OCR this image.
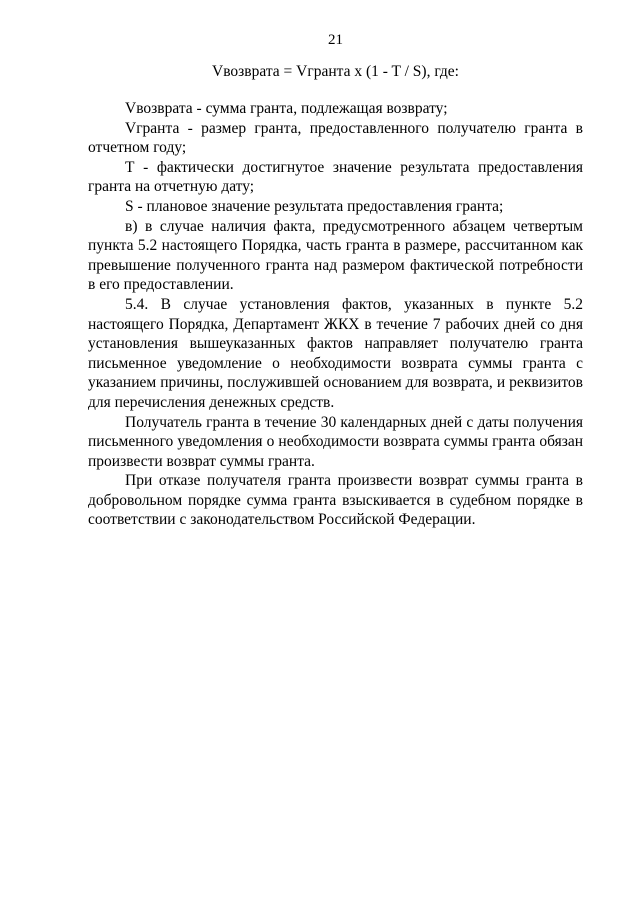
21
Vвозврата = Vгранта x (1 - T / S), где:

Vвозврата - сумма гранта, подлежащая возврату;

Vгранта - размер гранта, предоставленного получателю гранта в отчетном году;

Т - фактически достигнутое значение результата предоставления гранта на отчетную дату;

S - плановое значение результата предоставления гранта;

в) в случае наличия факта, предусмотренного абзацем четвертым пункта 5.2 настоящего Порядка, часть гранта в размере, рассчитанном как превышение полученного гранта над размером фактической потребности в его предоставлении.

5.4. В случае установления фактов, указанных в пункте 5.2 настоящего Порядка, Департамент ЖКХ в течение 7 рабочих дней со дня установления вышеуказанных фактов направляет получателю гранта письменное уведомление о необходимости возврата суммы гранта с указанием причины, послужившей основанием для возврата, и реквизитов для перечисления денежных средств.

Получатель гранта в течение 30 календарных дней с даты получения письменного уведомления о необходимости возврата суммы гранта обязан произвести возврат суммы гранта.

При отказе получателя гранта произвести возврат суммы гранта в добровольном порядке сумма гранта взыскивается в судебном порядке в соответствии с законодательством Российской Федерации.
